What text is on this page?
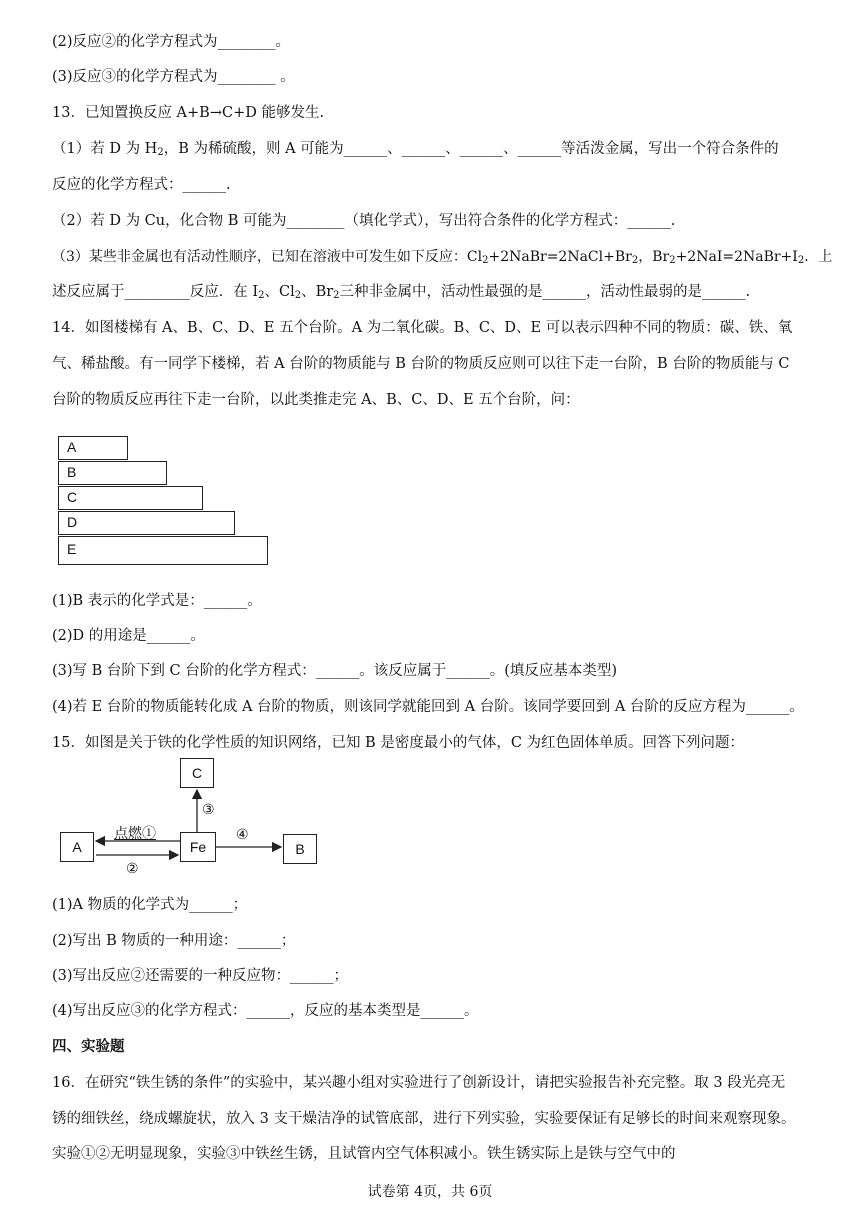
(2)反应②的化学方程式为________。
(3)反应③的化学方程式为________ 。
13．已知置换反应 A+B→C+D 能够发生.
（1）若 D 为 $H_2$，B 为稀硫酸，则 A 可能为______、______、______、______等活泼金属，写出一个符合条件的
反应的化学方程式：______.
（2）若 D 为 Cu，化合物 B 可能为________（填化学式），写出符合条件的化学方程式：______.
（3）某些非金属也有活动性顺序，已知在溶液中可发生如下反应：$Cl_2+2NaBr=2NaCl+Br_2$，$Br_2+2NaI=2NaBr+I_2$．上
述反应属于_________反应．在 $I_2$、$Cl_2$、$Br_2$三种非金属中，活动性最强的是______，活动性最弱的是______.
14．如图楼梯有 A、B、C、D、E 五个台阶。A 为二氧化碳。B、C、D、E 可以表示四种不同的物质：碳、铁、氧
气、稀盐酸。有一同学下楼梯，若 A 台阶的物质能与 B 台阶的物质反应则可以往下走一台阶，B 台阶的物质能与 C
台阶的物质反应再往下走一台阶，以此类推走完 A、B、C、D、E 五个台阶，问：
A
B
C
D
E
(1)B 表示的化学式是：______。
(2)D 的用途是______。
(3)写 B 台阶下到 C 台阶的化学方程式：______。该反应属于______。(填反应基本类型)
(4)若 E 台阶的物质能转化成 A 台阶的物质，则该同学就能回到 A 台阶。该同学要回到 A 台阶的反应方程为______。
15．如图是关于铁的化学性质的知识网络，已知 B 是密度最小的气体，C 为红色固体单质。回答下列问题：
C
A	Fe	B
点燃①
②
③
④
(1)A 物质的化学式为______；
(2)写出 B 物质的一种用途：______；
(3)写出反应②还需要的一种反应物：______；
(4)写出反应③的化学方程式：______，反应的基本类型是______。
四、实验题
16．在研究“铁生锈的条件”的实验中，某兴趣小组对实验进行了创新设计，请把实验报告补充完整。取 3 段光亮无
锈的细铁丝，绕成螺旋状，放入 3 支干燥洁净的试管底部，进行下列实验，实验要保证有足够长的时间来观察现象。
实验①②无明显现象，实验③中铁丝生锈，且试管内空气体积减小。铁生锈实际上是铁与空气中的
试卷第 4页，共 6页
